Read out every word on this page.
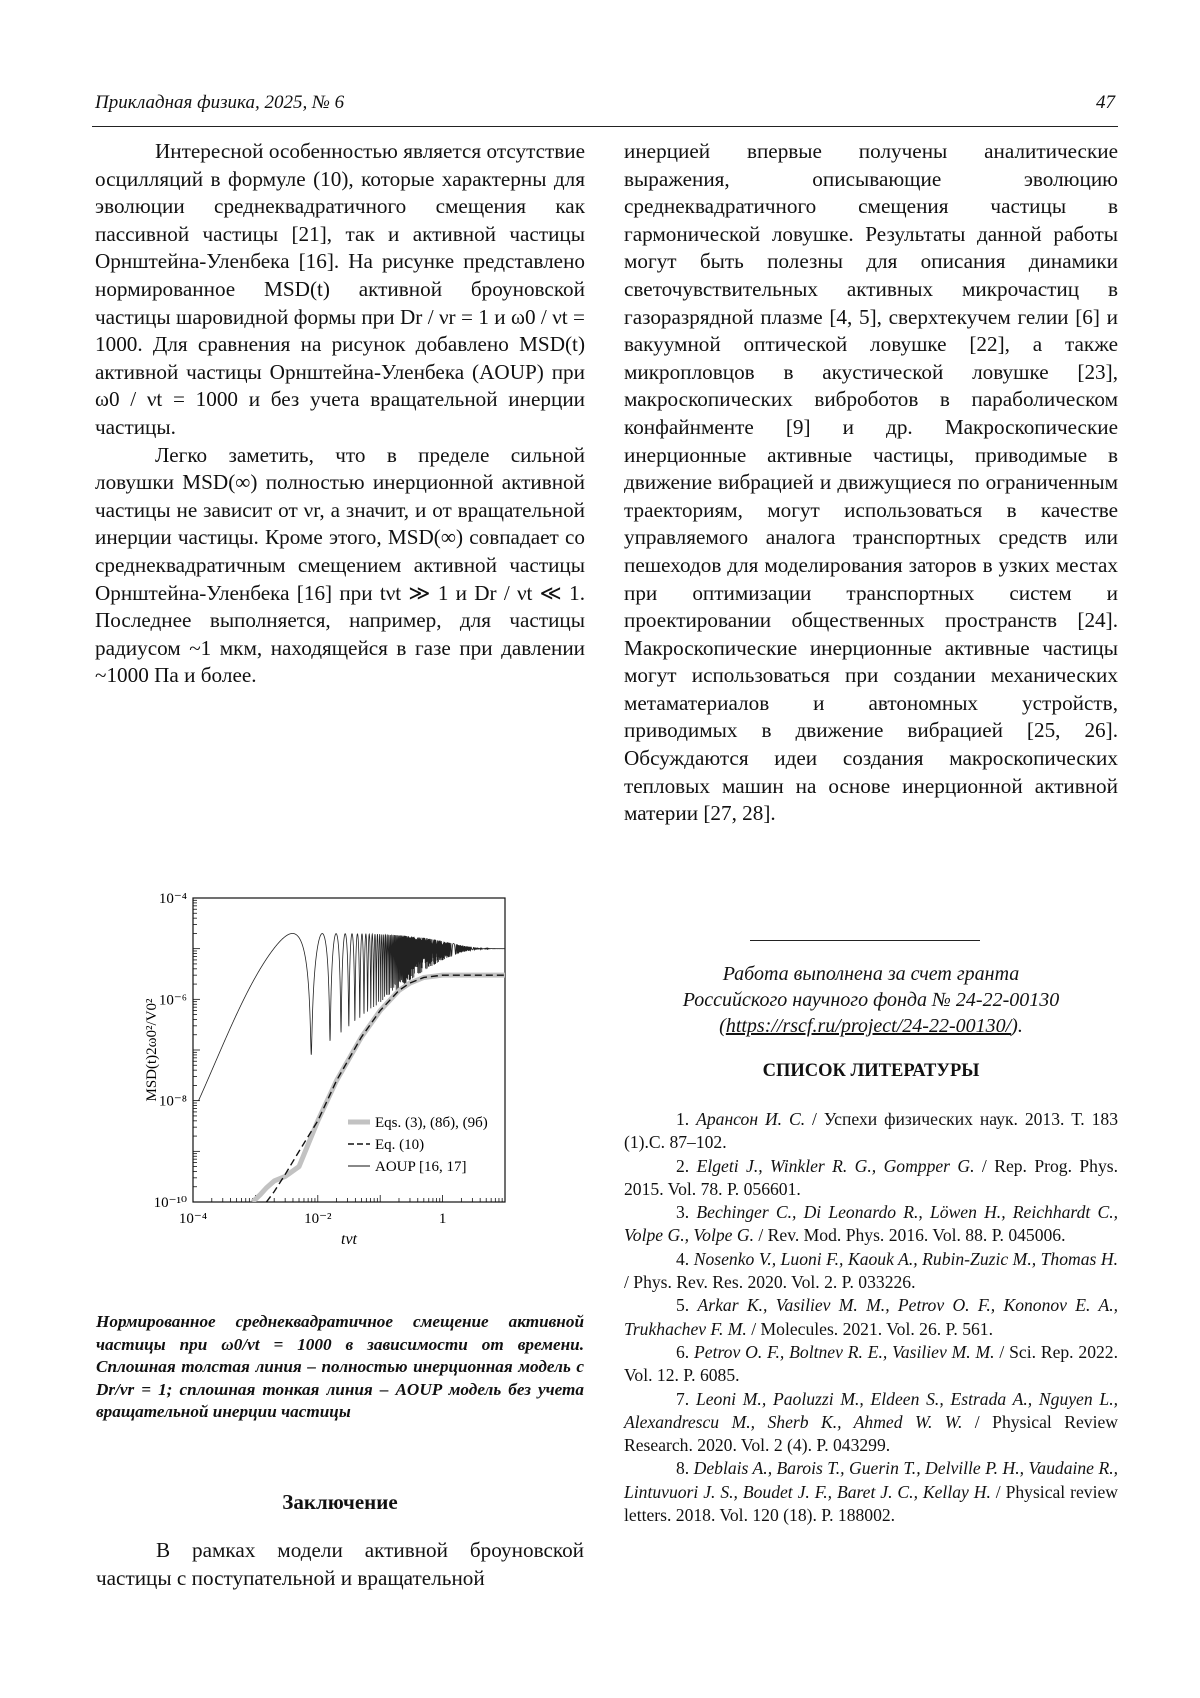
Прикладная физика, 2025, № 6	47

Интересной особенностью является отсутствие осцилляций в формуле (10), которые характерны для эволюции среднеквадратичного смещения как пассивной частицы [21], так и активной частицы Орнштейна-Уленбека [16]. На рисунке представлено нормированное MSD(t) активной броуновской частицы шаровидной формы при Dr / νr = 1 и ω0 / νt = 1000. Для сравнения на рисунок добавлено MSD(t) активной частицы Орнштейна-Уленбека (AOUP) при ω0 / νt = 1000 и без учета вращательной инерции частицы.

Легко заметить, что в пределе сильной ловушки MSD(∞) полностью инерционной активной частицы не зависит от νr, а значит, и от вращательной инерции частицы. Кроме этого, MSD(∞) совпадает со среднеквадратичным смещением активной частицы Орнштейна-Уленбека [16] при tνt ≫ 1 и Dr / νt ≪ 1. Последнее выполняется, например, для частицы радиусом ~1 мкм, находящейся в газе при давлении ~1000 Па и более.

10⁻⁴	10⁻²	1
10⁻¹⁰
10⁻⁸
10⁻⁶
10⁻⁴
tνt
MSD(t)2ω0²/V0²
Eqs. (3), (8б), (9б)
Eq. (10)
AOUP [16, 17]
Нормированное среднеквадратичное смещение активной частицы при ω0/νt = 1000 в зависимости от времени. Сплошная толстая линия – полностью инерционная модель с Dr/νr = 1; сплошная тонкая линия – AOUP модель без учета вращательной инерции частицы
Заключение

В рамках модели активной броуновской частицы с поступательной и вращательной

инерцией впервые получены аналитические выражения, описывающие эволюцию среднеквадратичного смещения частицы в гармонической ловушке. Результаты данной работы могут быть полезны для описания динамики светочувствительных активных микрочастиц в газоразрядной плазме [4, 5], сверхтекучем гелии [6] и вакуумной оптической ловушке [22], а также микропловцов в акустической ловушке [23], макроскопических виброботов в параболическом конфайнменте [9] и др. Макроскопические инерционные активные частицы, приводимые в движение вибрацией и движущиеся по ограниченным траекториям, могут использоваться в качестве управляемого аналога транспортных средств или пешеходов для моделирования заторов в узких местах при оптимизации транспортных систем и проектировании общественных пространств [24]. Макроскопические инерционные активные частицы могут использоваться при создании механических метаматериалов и автономных устройств, приводимых в движение вибрацией [25, 26]. Обсуждаются идеи создания макроскопических тепловых машин на основе инерционной активной материи [27, 28].

Работа выполнена за счет гранта
Российского научного фонда № 24-22-00130
(https://rscf.ru/project/24-22-00130/).
СПИСОК ЛИТЕРАТУРЫ

1. Арансон И. С. / Успехи физических наук. 2013. Т. 183 (1).С. 87–102.

2. Elgeti J., Winkler R. G., Gompper G. / Rep. Prog. Phys. 2015. Vol. 78. P. 056601.

3. Bechinger C., Di Leonardo R., Löwen H., Reichhardt C., Volpe G., Volpe G. / Rev. Mod. Phys. 2016. Vol. 88. P. 045006.

4. Nosenko V., Luoni F., Kaouk A., Rubin-Zuzic M., Thomas H. / Phys. Rev. Res. 2020. Vol. 2. P. 033226.

5. Arkar K., Vasiliev M. M., Petrov O. F., Kononov E. A., Trukhachev F. M. / Molecules. 2021. Vol. 26. P. 561.

6. Petrov O. F., Boltnev R. E., Vasiliev M. M. / Sci. Rep. 2022. Vol. 12. P. 6085.

7. Leoni M., Paoluzzi M., Eldeen S., Estrada A., Nguyen L., Alexandrescu M., Sherb K., Ahmed W. W. / Physical Review Research. 2020. Vol. 2 (4). P. 043299.

8. Deblais A., Barois T., Guerin T., Delville P. H., Vaudaine R., Lintuvuori J. S., Boudet J. F., Baret J. C., Kellay H. / Physical review letters. 2018. Vol. 120 (18). P. 188002.
